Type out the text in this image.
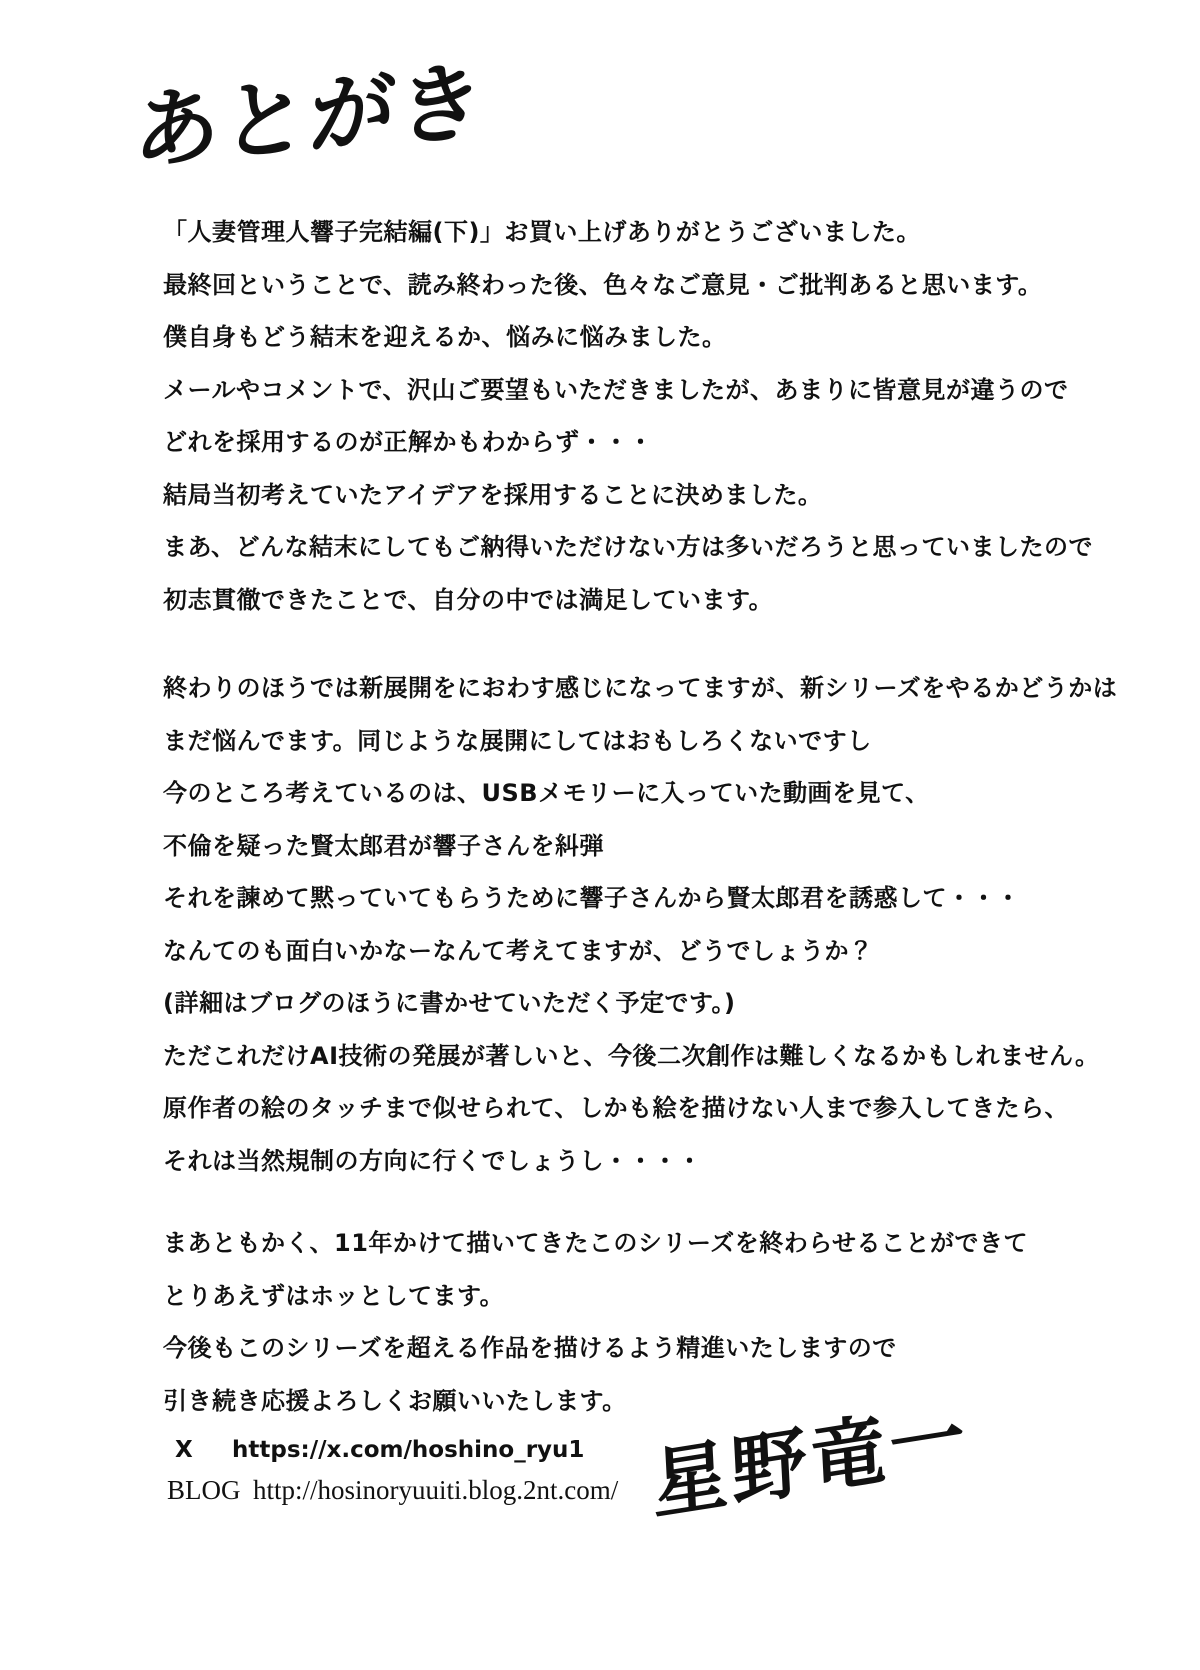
あとがき
「人妻管理人響子完結編(下)」お買い上げありがとうございました。
最終回ということで、読み終わった後、色々なご意見・ご批判あると思います。
僕自身もどう結末を迎えるか、悩みに悩みました。
メールやコメントで、沢山ご要望もいただきましたが、あまりに皆意見が違うので
どれを採用するのが正解かもわからず・・・
結局当初考えていたアイデアを採用することに決めました。
まあ、どんな結末にしてもご納得いただけない方は多いだろうと思っていましたので
初志貫徹できたことで、自分の中では満足しています。
終わりのほうでは新展開をにおわす感じになってますが、新シリーズをやるかどうかは
まだ悩んでます。同じような展開にしてはおもしろくないですし
今のところ考えているのは、USBメモリーに入っていた動画を見て、
不倫を疑った賢太郎君が響子さんを糾弾
それを諫めて黙っていてもらうために響子さんから賢太郎君を誘惑して・・・
なんてのも面白いかなーなんて考えてますが、どうでしょうか？
(詳細はブログのほうに書かせていただく予定です。)
ただこれだけAI技術の発展が著しいと、今後二次創作は難しくなるかもしれません。
原作者の絵のタッチまで似せられて、しかも絵を描けない人まで参入してきたら、
それは当然規制の方向に行くでしょうし・・・・
まあともかく、11年かけて描いてきたこのシリーズを終わらせることができて
とりあえずはホッとしてます。
今後もこのシリーズを超える作品を描けるよう精進いたしますので
引き続き応援よろしくお願いいたします。
X https://x.com/hoshino_ryu1
BLOG http://hosinoryuuiti.blog.2nt.com/ 星野竜一
